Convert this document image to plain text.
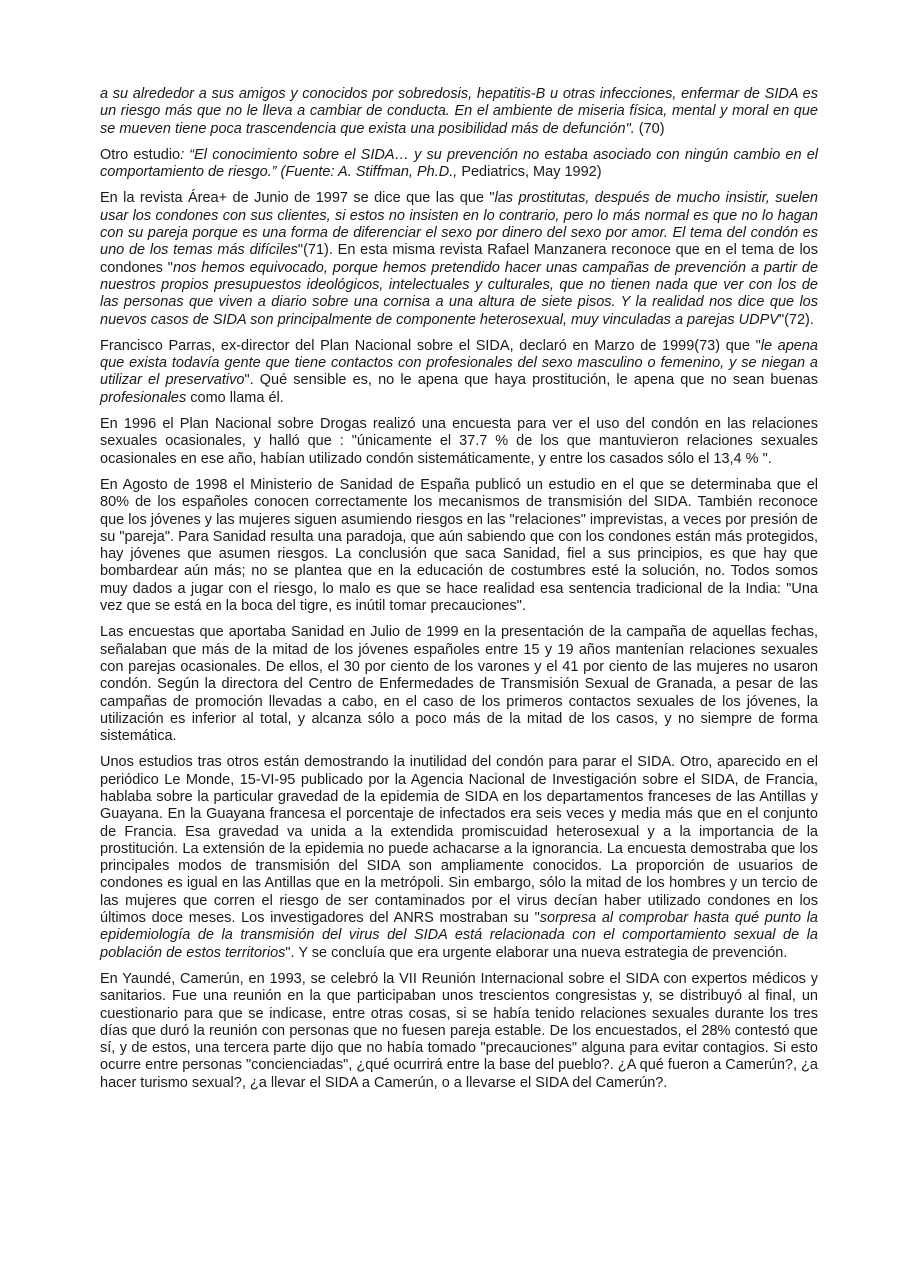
a su alrededor a sus amigos y conocidos por sobredosis, hepatitis-B u otras infecciones, enfermar de SIDA es un riesgo más que no le lleva a cambiar de conducta. En el ambiente de miseria física, mental y moral en que se mueven tiene poca trascendencia que exista una posibilidad más de defunción". (70)

Otro estudio: “El conocimiento sobre el SIDA… y su prevención no estaba asociado con ningún cambio en el comportamiento de riesgo.” (Fuente: A. Stiffman, Ph.D., Pediatrics, May 1992)

En la revista Área+ de Junio de 1997 se dice que las que "las prostitutas, después de mucho insistir, suelen usar los condones con sus clientes, si estos no insisten en lo contrario, pero lo más normal es que no lo hagan con su pareja porque es una forma de diferenciar el sexo por dinero del sexo por amor. El tema del condón es uno de los temas más difíciles"(71). En esta misma revista Rafael Manzanera reconoce que en el tema de los condones "nos hemos equivocado, porque hemos pretendido hacer unas campañas de prevención a partir de nuestros propios presupuestos ideológicos, intelectuales y culturales, que no tienen nada que ver con los de las personas que viven a diario sobre una cornisa a una altura de siete pisos. Y la realidad nos dice que los nuevos casos de SIDA son principalmente de componente heterosexual, muy vinculadas a parejas UDPV"(72).

Francisco Parras, ex-director del Plan Nacional sobre el SIDA, declaró en Marzo de 1999(73) que "le apena que exista todavía gente que tiene contactos con profesionales del sexo masculino o femenino, y se niegan a utilizar el preservativo". Qué sensible es, no le apena que haya prostitución, le apena que no sean buenas profesionales como llama él.

En 1996 el Plan Nacional sobre Drogas realizó una encuesta para ver el uso del condón en las relaciones sexuales ocasionales, y halló que : "únicamente el 37.7 % de los que mantuvieron relaciones sexuales ocasionales en ese año, habían utilizado condón sistemáticamente, y entre los casados sólo el 13,4 % ".

En Agosto de 1998 el Ministerio de Sanidad de España publicó un estudio en el que se determinaba que el 80% de los españoles conocen correctamente los mecanismos de transmisión del SIDA. También reconoce que los jóvenes y las mujeres siguen asumiendo riesgos en las "relaciones" imprevistas, a veces por presión de su "pareja". Para Sanidad resulta una paradoja, que aún sabiendo que con los condones están más protegidos, hay jóvenes que asumen riesgos. La conclusión que saca Sanidad, fiel a sus principios, es que hay que bombardear aún más; no se plantea que en la educación de costumbres esté la solución, no. Todos somos muy dados a jugar con el riesgo, lo malo es que se hace realidad esa sentencia tradicional de la India: "Una vez que se está en la boca del tigre, es inútil tomar precauciones".

Las encuestas que aportaba Sanidad en Julio de 1999 en la presentación de la campaña de aquellas fechas, señalaban que más de la mitad de los jóvenes españoles entre 15 y 19 años mantenían relaciones sexuales con parejas ocasionales. De ellos, el 30 por ciento de los varones y el 41 por ciento de las mujeres no usaron condón. Según la directora del Centro de Enfermedades de Transmisión Sexual de Granada, a pesar de las campañas de promoción llevadas a cabo, en el caso de los primeros contactos sexuales de los jóvenes, la utilización es inferior al total, y alcanza sólo a poco más de la mitad de los casos, y no siempre de forma sistemática.

Unos estudios tras otros están demostrando la inutilidad del condón para parar el SIDA. Otro, aparecido en el periódico Le Monde, 15-VI-95 publicado por la Agencia Nacional de Investigación sobre el SIDA, de Francia, hablaba sobre la particular gravedad de la epidemia de SIDA en los departamentos franceses de las Antillas y Guayana. En la Guayana francesa el porcentaje de infectados era seis veces y media más que en el conjunto de Francia. Esa gravedad va unida a la extendida promiscuidad heterosexual y a la importancia de la prostitución. La extensión de la epidemia no puede achacarse a la ignorancia. La encuesta demostraba que los principales modos de transmisión del SIDA son ampliamente conocidos. La proporción de usuarios de condones es igual en las Antillas que en la metrópoli. Sin embargo, sólo la mitad de los hombres y un tercio de las mujeres que corren el riesgo de ser contaminados por el virus decían haber utilizado condones en los últimos doce meses. Los investigadores del ANRS mostraban su "sorpresa al comprobar hasta qué punto la epidemiología de la transmisión del virus del SIDA está relacionada con el comportamiento sexual de la población de estos territorios". Y se concluía que era urgente elaborar una nueva estrategia de prevención.

En Yaundé, Camerún, en 1993, se celebró la VII Reunión Internacional sobre el SIDA con expertos médicos y sanitarios. Fue una reunión en la que participaban unos trescientos congresistas y, se distribuyó al final, un cuestionario para que se indicase, entre otras cosas, si se había tenido relaciones sexuales durante los tres días que duró la reunión con personas que no fuesen pareja estable. De los encuestados, el 28% contestó que sí, y de estos, una tercera parte dijo que no había tomado "precauciones" alguna para evitar contagios. Si esto ocurre entre personas "concienciadas", ¿qué ocurrirá entre la base del pueblo?. ¿A qué fueron a Camerún?, ¿a hacer turismo sexual?, ¿a llevar el SIDA a Camerún, o a llevarse el SIDA del Camerún?.
